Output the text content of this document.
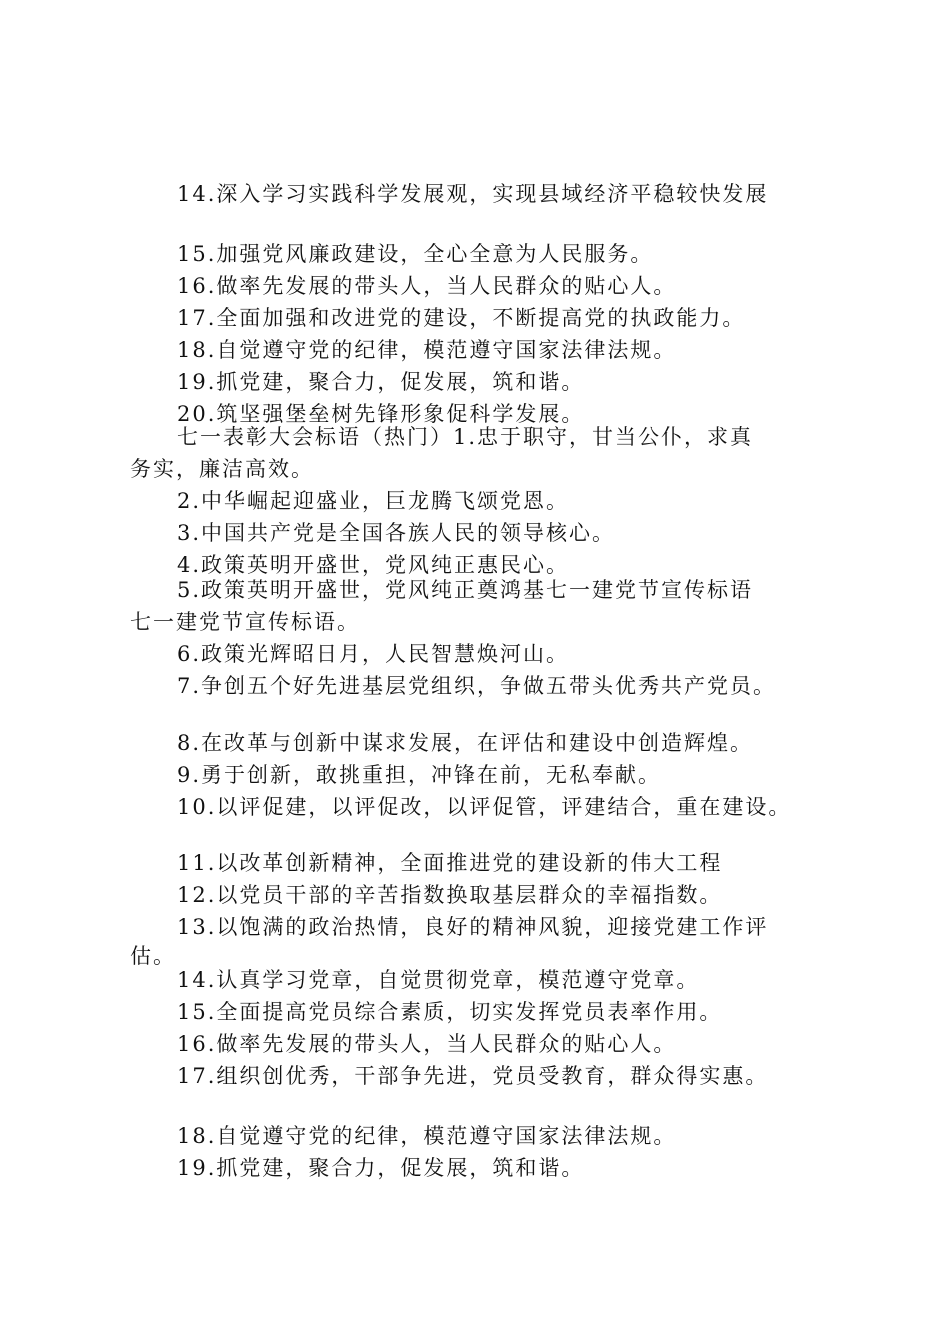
14.深入学习实践科学发展观，实现县域经济平稳较快发展
15.加强党风廉政建设，全心全意为人民服务。
16.做率先发展的带头人，当人民群众的贴心人。
17.全面加强和改进党的建设，不断提高党的执政能力。
18.自觉遵守党的纪律，模范遵守国家法律法规。
19.抓党建，聚合力，促发展，筑和谐。
20.筑坚强堡垒树先锋形象促科学发展。
七一表彰大会标语（热门）1.忠于职守，甘当公仆，求真
务实，廉洁高效。
2.中华崛起迎盛业，巨龙腾飞颂党恩。
3.中国共产党是全国各族人民的领导核心。
4.政策英明开盛世，党风纯正惠民心。
5.政策英明开盛世，党风纯正奠鸿基七一建党节宣传标语
七一建党节宣传标语。
6.政策光辉昭日月，人民智慧焕河山。
7.争创五个好先进基层党组织，争做五带头优秀共产党员。
8.在改革与创新中谋求发展，在评估和建设中创造辉煌。
9.勇于创新，敢挑重担，冲锋在前，无私奉献。
10.以评促建，以评促改，以评促管，评建结合，重在建设。
11.以改革创新精神，全面推进党的建设新的伟大工程
12.以党员干部的辛苦指数换取基层群众的幸福指数。
13.以饱满的政治热情，良好的精神风貌，迎接党建工作评
估。
14.认真学习党章，自觉贯彻党章，模范遵守党章。
15.全面提高党员综合素质，切实发挥党员表率作用。
16.做率先发展的带头人，当人民群众的贴心人。
17.组织创优秀，干部争先进，党员受教育，群众得实惠。
18.自觉遵守党的纪律，模范遵守国家法律法规。
19.抓党建，聚合力，促发展，筑和谐。
